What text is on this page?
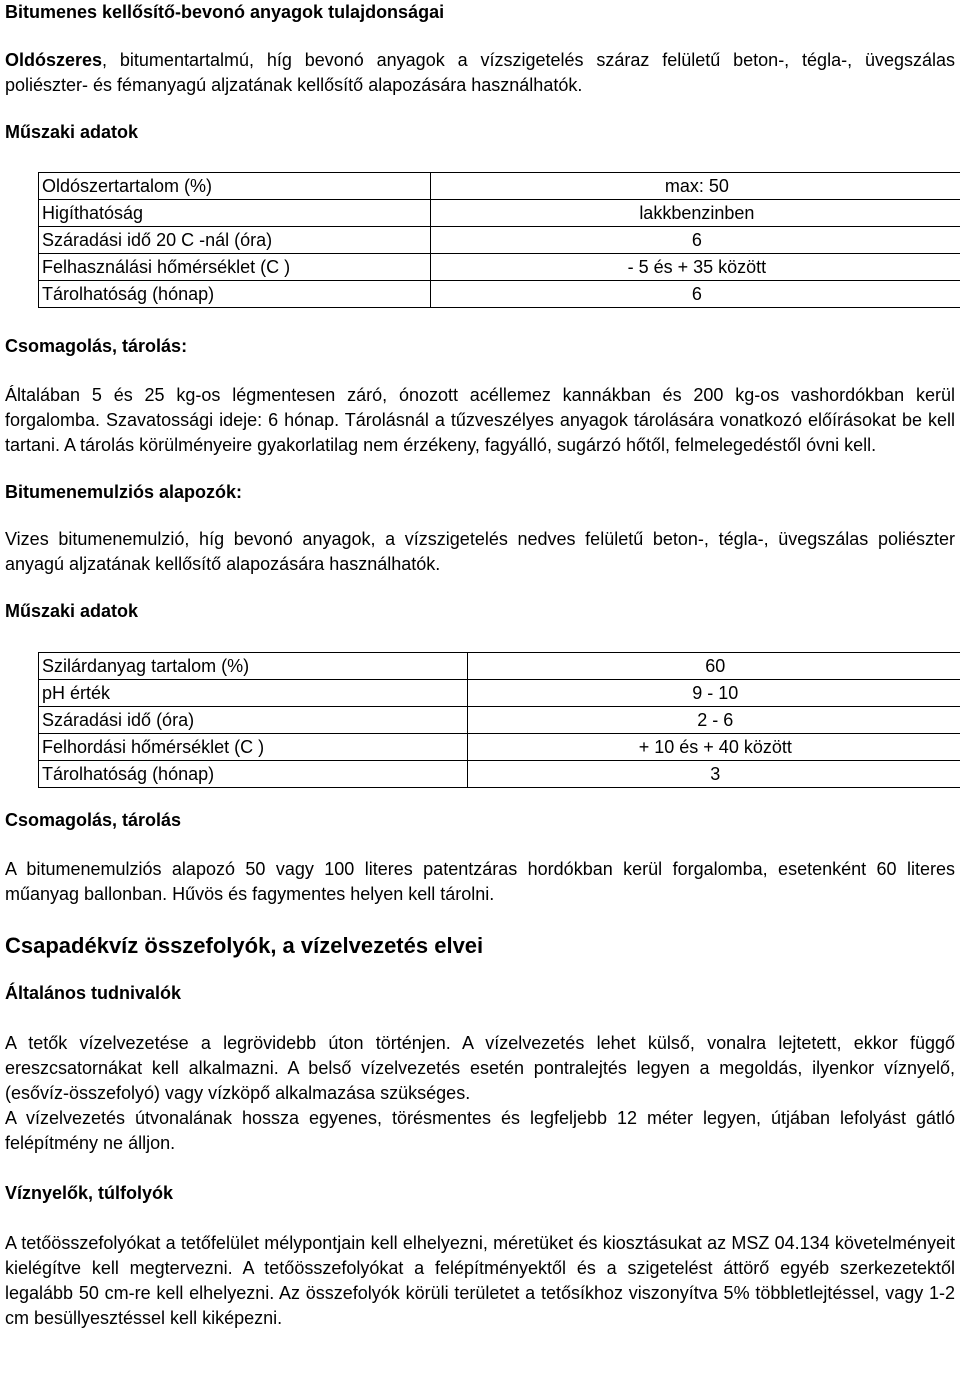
Bitumenes kellősítő-bevonó anyagok tulajdonságai

Oldószeres, bitumentartalmú, híg bevonó anyagok a vízszigetelés száraz felületű beton-, tégla-, üvegszálas poliészter- és fémanyagú aljzatának kellősítő alapozására használhatók.

Műszaki adatok
Oldószertartalom (%)	max: 50
Higíthatóság	lakkbenzinben
Száradási idő 20 C -nál (óra)	6
Felhasználási hőmérséklet (C )	- 5 és + 35 között
Tárolhatóság (hónap)	6
Csomagolás, tárolás:

Általában 5 és 25 kg-os légmentesen záró, ónozott acéllemez kannákban és 200 kg-os vashordókban kerül forgalomba. Szavatossági ideje: 6 hónap. Tárolásnál a tűzveszélyes anyagok tárolására vonatkozó előírásokat be kell tartani. A tárolás körülményeire gyakorlatilag nem érzékeny, fagyálló, sugárzó hőtől, felmelegedéstől óvni kell.

Bitumenemulziós alapozók:

Vizes bitumenemulzió, híg bevonó anyagok, a vízszigetelés nedves felületű beton-, tégla-, üvegszálas poliészter anyagú aljzatának kellősítő alapozására használhatók.

Műszaki adatok
Szilárdanyag tartalom (%)	60
pH érték	9 - 10
Száradási idő (óra)	2 - 6
Felhordási hőmérséklet (C )	+ 10 és + 40 között
Tárolhatóság (hónap)	3
Csomagolás, tárolás

A bitumenemulziós alapozó 50 vagy 100 literes patentzáras hordókban kerül forgalomba, esetenként 60 literes műanyag ballonban. Hűvös és fagymentes helyen kell tárolni.

Csapadékvíz összefolyók, a vízelvezetés elvei
Általános tudnivalók

A tetők vízelvezetése a legrövidebb úton történjen. A vízelvezetés lehet külső, vonalra lejtetett, ekkor függő ereszcsatornákat kell alkalmazni. A belső vízelvezetés esetén pontralejtés legyen a megoldás, ilyenkor víznyelő, (esővíz-összefolyó) vagy vízköpő alkalmazása szükséges.

A vízelvezetés útvonalának hossza egyenes, törésmentes és legfeljebb 12 méter legyen, útjában lefolyást gátló felépítmény ne álljon.

Víznyelők, túlfolyók

A tetőösszefolyókat a tetőfelület mélypontjain kell elhelyezni, méretüket és kiosztásukat az MSZ 04.134 követelményeit kielégítve kell megtervezni. A tetőösszefolyókat a felépítményektől és a szigetelést áttörő egyéb szerkezetektől legalább 50 cm-re kell elhelyezni. Az összefolyók körüli területet a tetősíkhoz viszonyítva 5% többletlejtéssel, vagy 1-2 cm besüllyesztéssel kell kiképezni.
